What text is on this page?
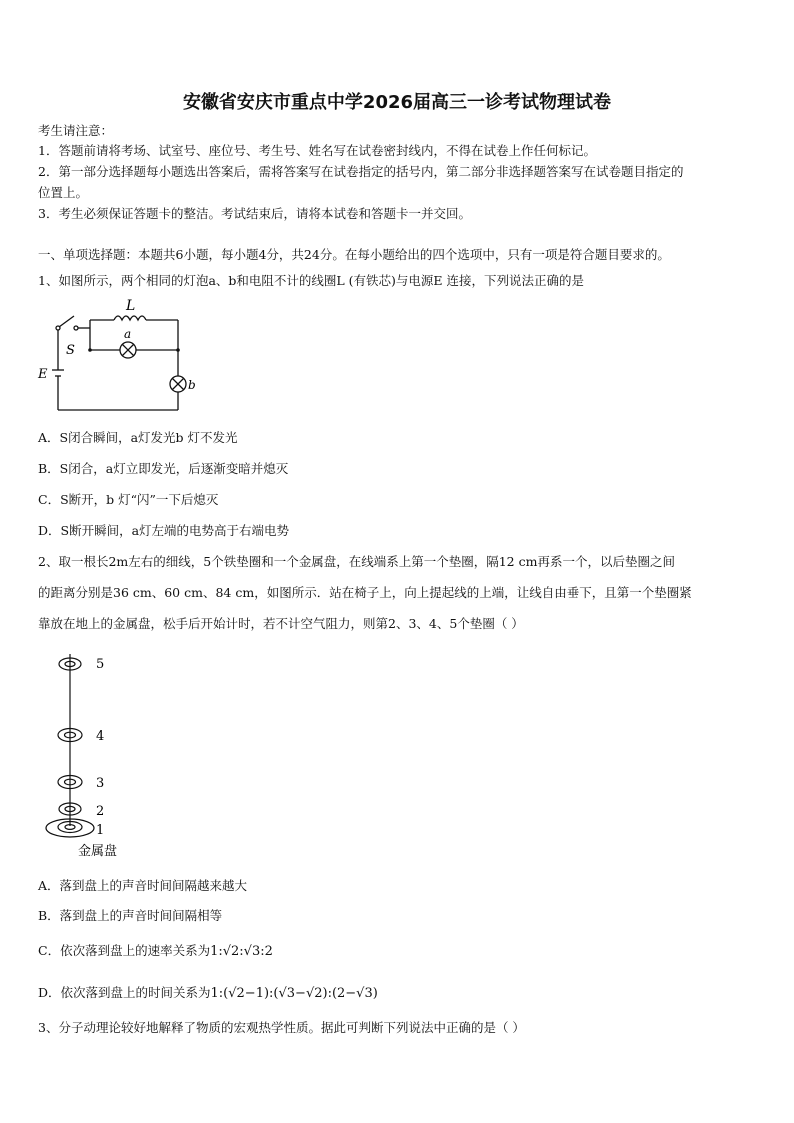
安徽省安庆市重点中学2026届高三一诊考试物理试卷
考生请注意：
1．答题前请将考场、试室号、座位号、考生号、姓名写在试卷密封线内，不得在试卷上作任何标记。
2．第一部分选择题每小题选出答案后，需将答案写在试卷指定的括号内，第二部分非选择题答案写在试卷题目指定的
位置上。
3．考生必须保证答题卡的整洁。考试结束后，请将本试卷和答题卡一并交回。
一、单项选择题：本题共6小题，每小题4分，共24分。在每小题给出的四个选项中，只有一项是符合题目要求的。
1、如图所示，两个相同的灯泡a、b和电阻不计的线圈L (有铁芯)与电源E 连接，下列说法正确的是
L
a
b
S
E
A．S闭合瞬间，a灯发光b 灯不发光
B．S闭合，a灯立即发光，后逐渐变暗并熄灭
C．S断开，b 灯“闪”一下后熄灭
D．S断开瞬间，a灯左端的电势高于右端电势
2、取一根长2m左右的细线，5个铁垫圈和一个金属盘，在线端系上第一个垫圈，隔12 cm再系一个，以后垫圈之间
的距离分别是36 cm、60 cm、84 cm，如图所示．站在椅子上，向上提起线的上端，让线自由垂下，且第一个垫圈紧
靠放在地上的金属盘，松手后开始计时，若不计空气阻力，则第2、3、4、5个垫圈（ ）
5
4
3
2
1
金属盘
A．落到盘上的声音时间间隔越来越大
B．落到盘上的声音时间间隔相等
C．依次落到盘上的速率关系为1:√2:√3:2
D．依次落到盘上的时间关系为1:(√2−1):(√3−√2):(2−√3)
3、分子动理论较好地解释了物质的宏观热学性质。据此可判断下列说法中正确的是（ ）
